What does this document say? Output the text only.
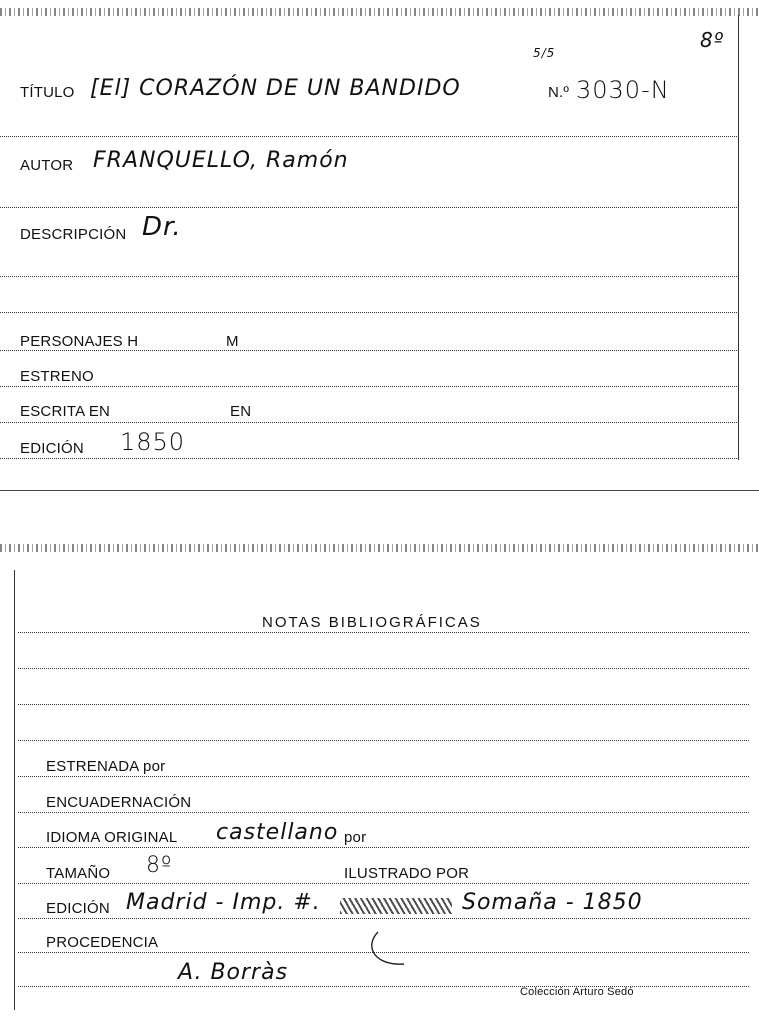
8º
TÍTULO [El] CORAZÓN DE UN BANDIDO
5/5
N.º 3030-N
AUTOR FRANQUELLO, Ramón
DESCRIPCIÓN Dr.
PERSONAJES H	M
ESTRENO
ESCRITA EN	EN
EDICIÓN 1850
NOTAS BIBLIOGRÁFICAS
ESTRENADA por
ENCUADERNACIÓN
IDIOMA ORIGINAL castellano por
TAMAÑO 8º	ILUSTRADO POR
EDICIÓN Madrid - Imp. #.	Somaña - 1850
PROCEDENCIA
A. Borràs
Colección Arturo Sedó
